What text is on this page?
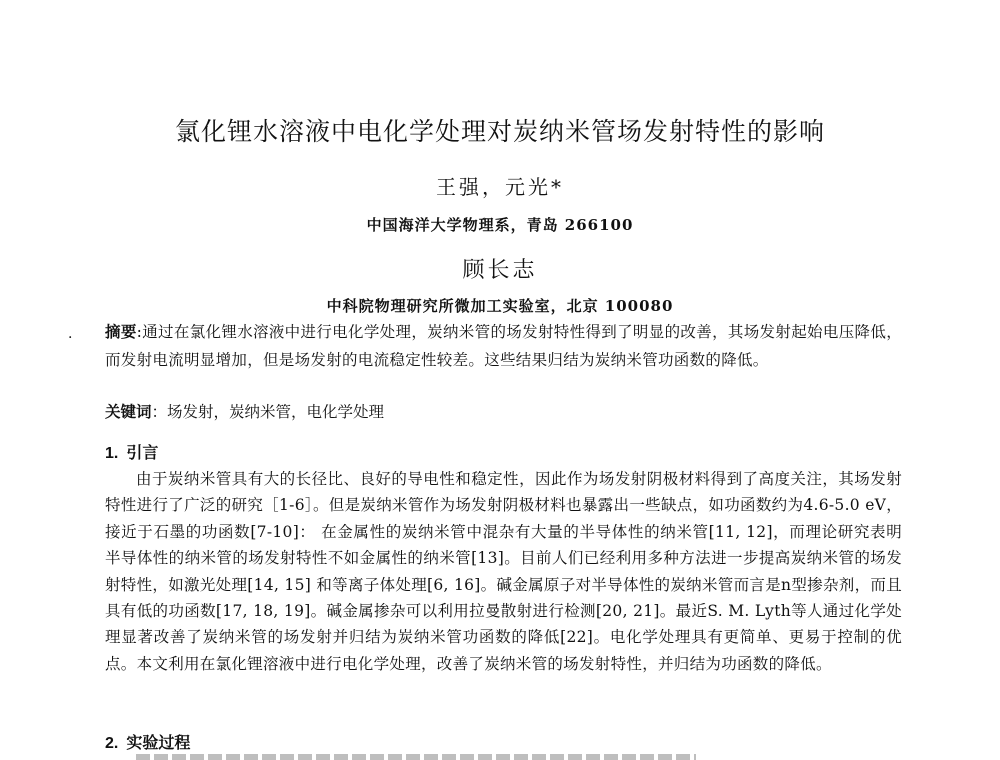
氯化锂水溶液中电化学处理对炭纳米管场发射特性的影响
王强，元光*
中国海洋大学物理系，青岛 266100
顾长志
中科院物理研究所微加工实验室，北京 100080
· 摘要:通过在氯化锂水溶液中进行电化学处理，炭纳米管的场发射特性得到了明显的改善，其场发射起始电压降低，而发射电流明显增加，但是场发射的电流稳定性较差。这些结果归结为炭纳米管功函数的降低。
关键词：场发射，炭纳米管，电化学处理
1. 引言
由于炭纳米管具有大的长径比、良好的导电性和稳定性，因此作为场发射阴极材料得到了高度关注，其场发射特性进行了广泛的研究［1-6］。但是炭纳米管作为场发射阴极材料也暴露出一些缺点，如功函数约为4.6-5.0 eV，接近于石墨的功函数[7-10]： 在金属性的炭纳米管中混杂有大量的半导体性的纳米管[11, 12]，而理论研究表明半导体性的纳米管的场发射特性不如金属性的纳米管[13]。目前人们已经利用多种方法进一步提高炭纳米管的场发射特性，如激光处理[14, 15] 和等离子体处理[6, 16]。碱金属原子对半导体性的炭纳米管而言是n型掺杂剂，而且具有低的功函数[17, 18, 19]。碱金属掺杂可以利用拉曼散射进行检测[20, 21]。最近S. M. Lyth等人通过化学处理显著改善了炭纳米管的场发射并归结为炭纳米管功函数的降低[22]。电化学处理具有更简单、更易于控制的优点。本文利用在氯化锂溶液中进行电化学处理，改善了炭纳米管的场发射特性，并归结为功函数的降低。
2. 实验过程
